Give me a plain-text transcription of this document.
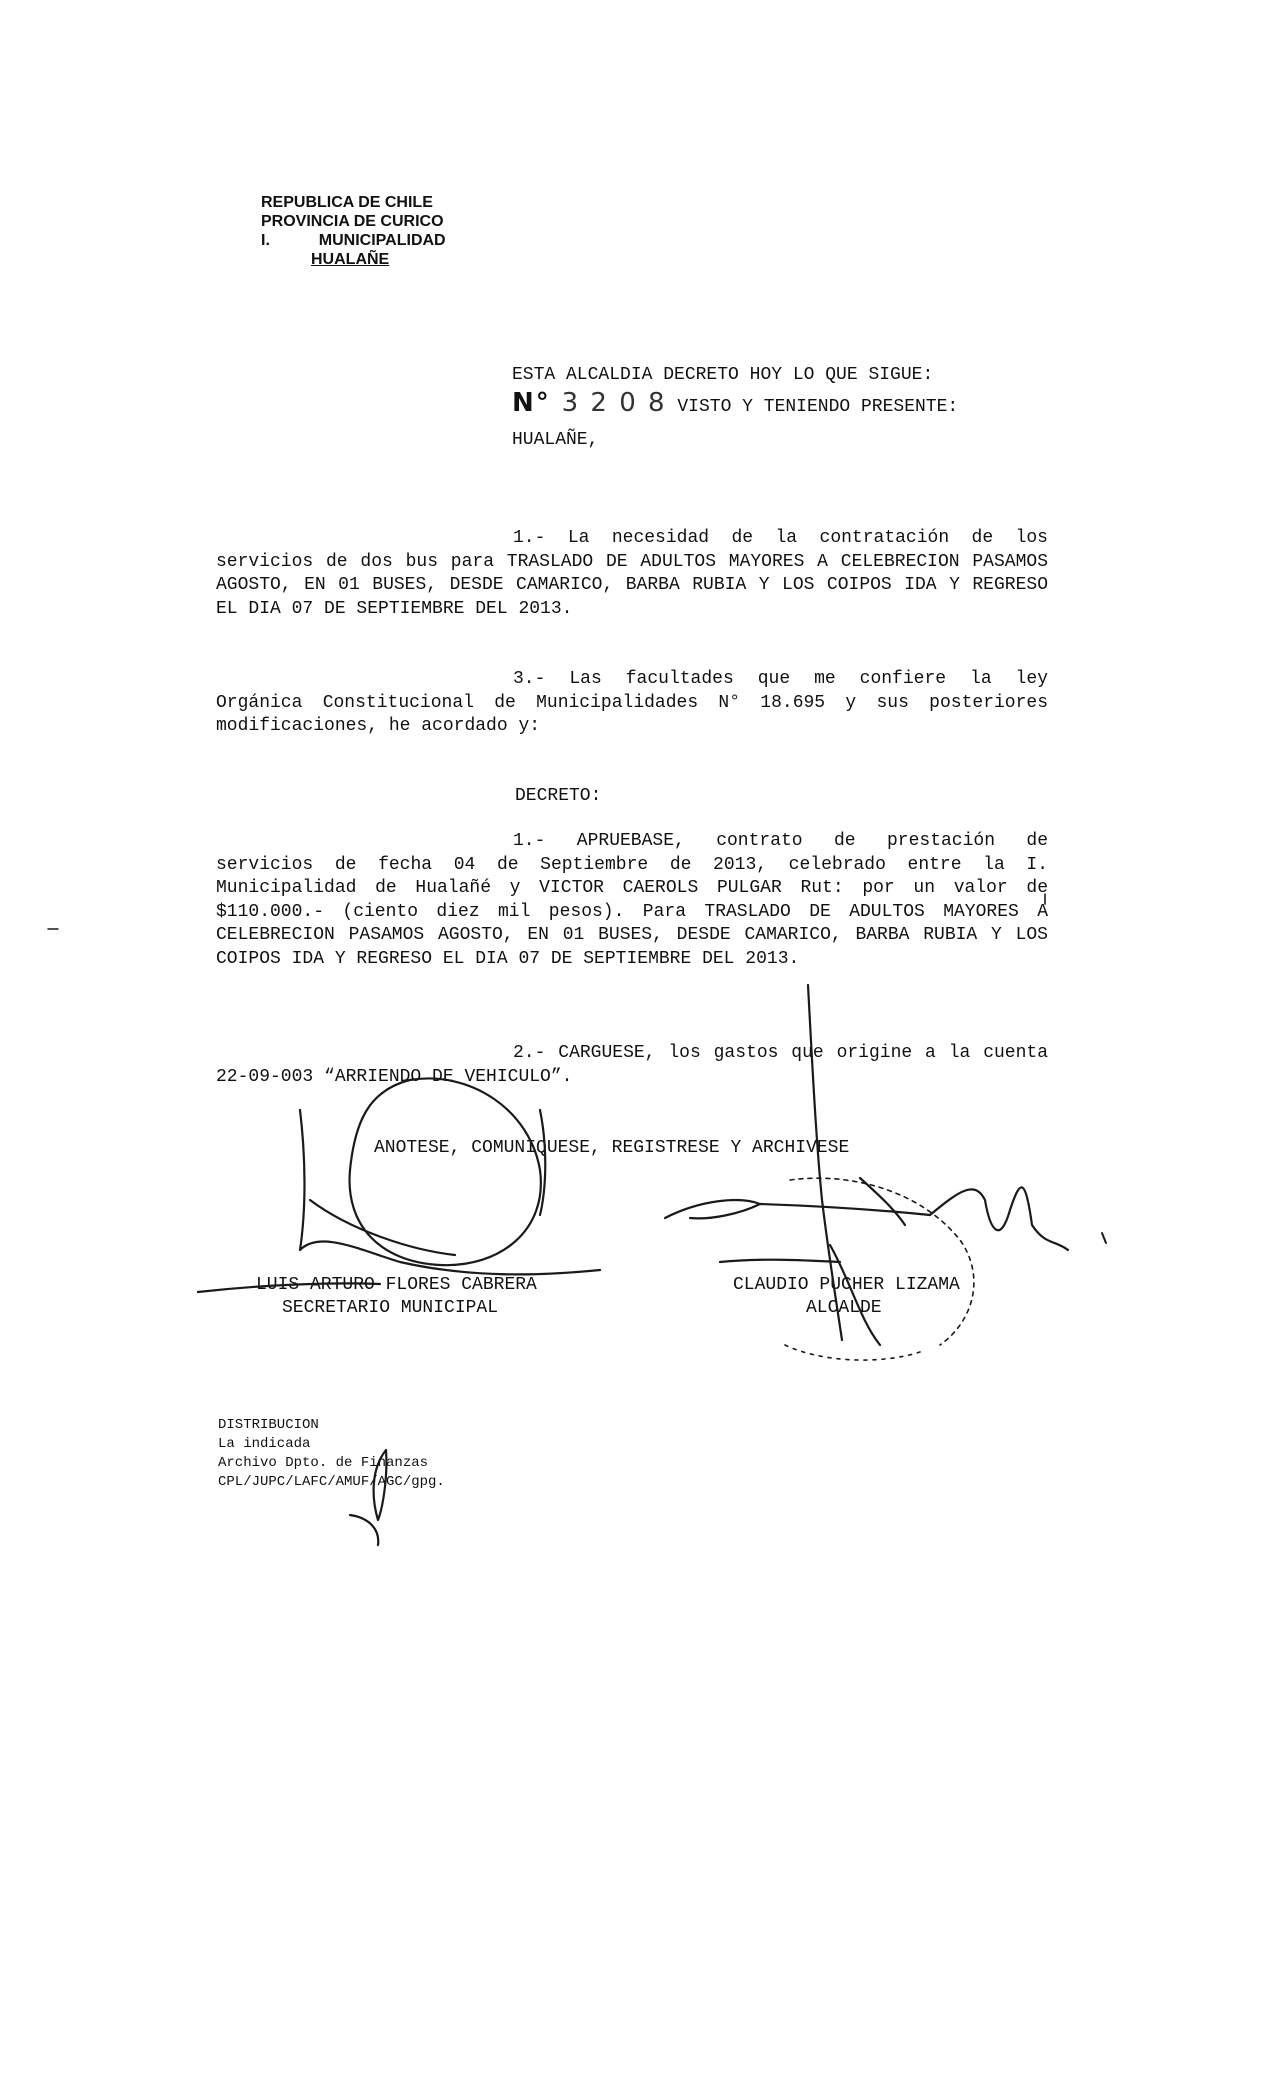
REPUBLICA DE CHILE
PROVINCIA DE CURICO
I.	MUNICIPALIDAD
HUALAÑE
ESTA ALCALDIA DECRETO HOY LO QUE SIGUE:
N° 3 2 0 8 VISTO Y TENIENDO PRESENTE:
HUALAÑE,
1.- La necesidad de la contratación de los servicios de dos bus para TRASLADO DE ADULTOS MAYORES A CELEBRECION PASAMOS AGOSTO, EN 01 BUSES, DESDE CAMARICO, BARBA RUBIA Y LOS COIPOS IDA Y REGRESO EL DIA 07 DE SEPTIEMBRE DEL 2013.
3.- Las facultades que me confiere la ley Orgánica Constitucional de Municipalidades N° 18.695 y sus posteriores modificaciones, he acordado y:
DECRETO:
1.- APRUEBASE, contrato de prestación de servicios de fecha 04 de Septiembre de 2013, celebrado entre la I. Municipalidad de Hualañé y VICTOR CAEROLS PULGAR Rut: por un valor de $110.000.- (ciento diez mil pesos). Para TRASLADO DE ADULTOS MAYORES A CELEBRECION PASAMOS AGOSTO, EN 01 BUSES, DESDE CAMARICO, BARBA RUBIA Y LOS COIPOS IDA Y REGRESO EL DIA 07 DE SEPTIEMBRE DEL 2013.
2.- CARGUESE, los gastos que origine a la cuenta 22-09-003 “ARRIENDO DE VEHICULO”.
ANOTESE, COMUNIQUESE, REGISTRESE Y ARCHIVESE
LUIS ARTURO FLORES CABRERA
SECRETARIO MUNICIPAL
CLAUDIO PUCHER LIZAMA
ALCALDE
DISTRIBUCION
La indicada
Archivo Dpto. de Finanzas
CPL/JUPC/LAFC/AMUF/AGC/gpg.
